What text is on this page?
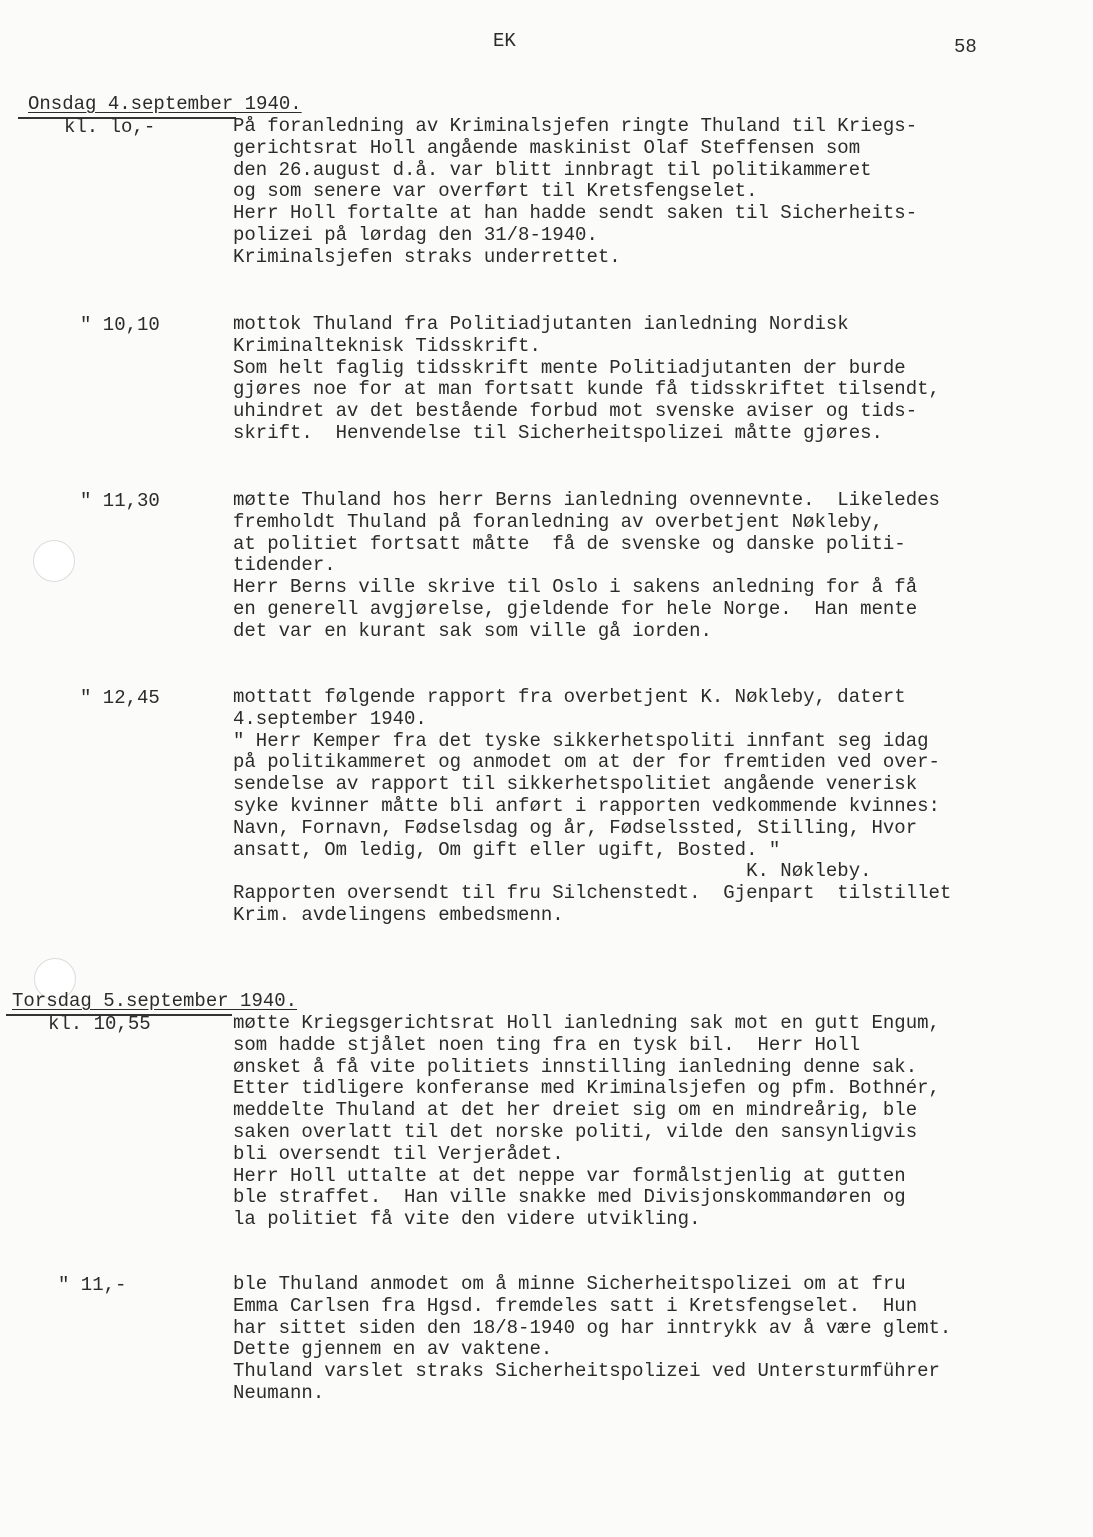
EK	58
Onsdag 4.september 1940.
kl. lo,-	På foranledning av Kriminalsjefen ringte Thuland til Kriegs-
gerichtsrat Holl angående maskinist Olaf Steffensen som
den 26.august d.å. var blitt innbragt til politikammeret
og som senere var overført til Kretsfengselet.
Herr Holl fortalte at han hadde sendt saken til Sicherheits-
polizei på lørdag den 31/8-1940.
Kriminalsjefen straks underrettet.
" 10,10	mottok Thuland fra Politiadjutanten ianledning Nordisk
Kriminalteknisk Tidsskrift.
Som helt faglig tidsskrift mente Politiadjutanten der burde
gjøres noe for at man fortsatt kunde få tidsskriftet tilsendt,
uhindret av det bestående forbud mot svenske aviser og tids-
skrift.  Henvendelse til Sicherheitspolizei måtte gjøres.
" 11,30	møtte Thuland hos herr Berns ianledning ovennevnte.  Likeledes
fremholdt Thuland på foranledning av overbetjent Nøkleby,
at politiet fortsatt måtte  få de svenske og danske politi-
tidender.
Herr Berns ville skrive til Oslo i sakens anledning for å få
en generell avgjørelse, gjeldende for hele Norge.  Han mente
det var en kurant sak som ville gå iorden.
" 12,45	mottatt følgende rapport fra overbetjent K. Nøkleby, datert
4.september 1940.
" Herr Kemper fra det tyske sikkerhetspoliti innfant seg idag
på politikammeret og anmodet om at der for fremtiden ved over-
sendelse av rapport til sikkerhetspolitiet angående venerisk
syke kvinner måtte bli anført i rapporten vedkommende kvinnes:
Navn, Fornavn, Fødselsdag og år, Fødselssted, Stilling, Hvor
ansatt, Om ledig, Om gift eller ugift, Bosted. "
K. Nøkleby.
Rapporten oversendt til fru Silchenstedt.  Gjenpart  tilstillet
Krim. avdelingens embedsmenn.
Torsdag 5.september 1940.
kl. 10,55	møtte Kriegsgerichtsrat Holl ianledning sak mot en gutt Engum,
som hadde stjålet noen ting fra en tysk bil.  Herr Holl
ønsket å få vite politiets innstilling ianledning denne sak.
Etter tidligere konferanse med Kriminalsjefen og pfm. Bothnér,
meddelte Thuland at det her dreiet sig om en mindreårig, ble
saken overlatt til det norske politi, vilde den sansynligvis
bli oversendt til Verjerådet.
Herr Holl uttalte at det neppe var formålstjenlig at gutten
ble straffet.  Han ville snakke med Divisjonskommandøren og
la politiet få vite den videre utvikling.
" 11,-	ble Thuland anmodet om å minne Sicherheitspolizei om at fru
Emma Carlsen fra Hgsd. fremdeles satt i Kretsfengselet.  Hun
har sittet siden den 18/8-1940 og har inntrykk av å være glemt.
Dette gjennem en av vaktene.
Thuland varslet straks Sicherheitspolizei ved Untersturmführer
Neumann.
